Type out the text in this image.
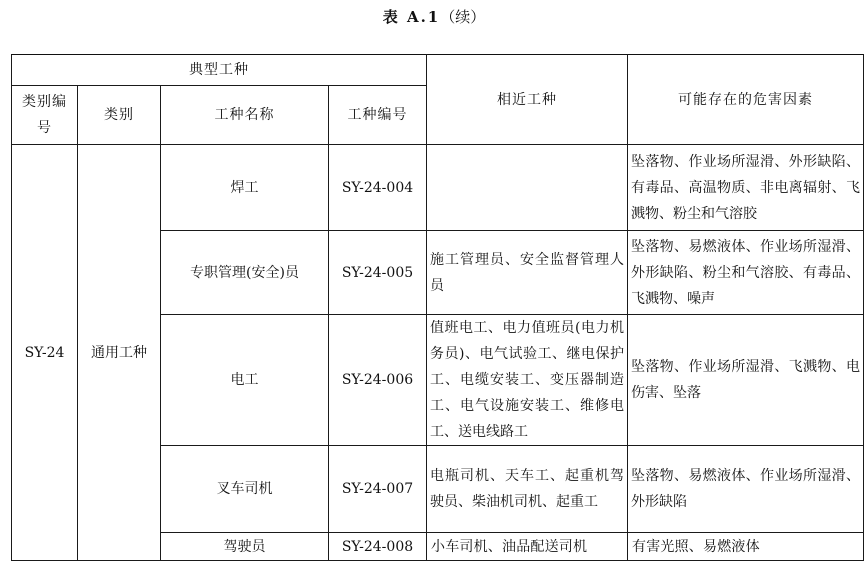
表 A.1（续）
典型工种				相近工种	可能存在的危害因素
类别编号	类别	工种名称	工种编号		
SY-24	通用工种	焊工	SY-24-004		坠落物、作业场所湿滑、外形缺陷、有毒品、高温物质、非电离辐射、飞溅物、粉尘和气溶胶
		专职管理(安全)员	SY-24-005	施工管理员、安全监督管理人员	坠落物、易燃液体、作业场所湿滑、外形缺陷、粉尘和气溶胶、有毒品、飞溅物、噪声
		电工	SY-24-006	值班电工、电力值班员(电力机务员)、电气试验工、继电保护工、电缆安装工、变压器制造工、电气设施安装工、维修电工、送电线路工	坠落物、作业场所湿滑、飞溅物、电伤害、坠落
		叉车司机	SY-24-007	电瓶司机、天车工、起重机驾驶员、柴油机司机、起重工	坠落物、易燃液体、作业场所湿滑、外形缺陷
		驾驶员	SY-24-008	小车司机、油品配送司机	有害光照、易燃液体
